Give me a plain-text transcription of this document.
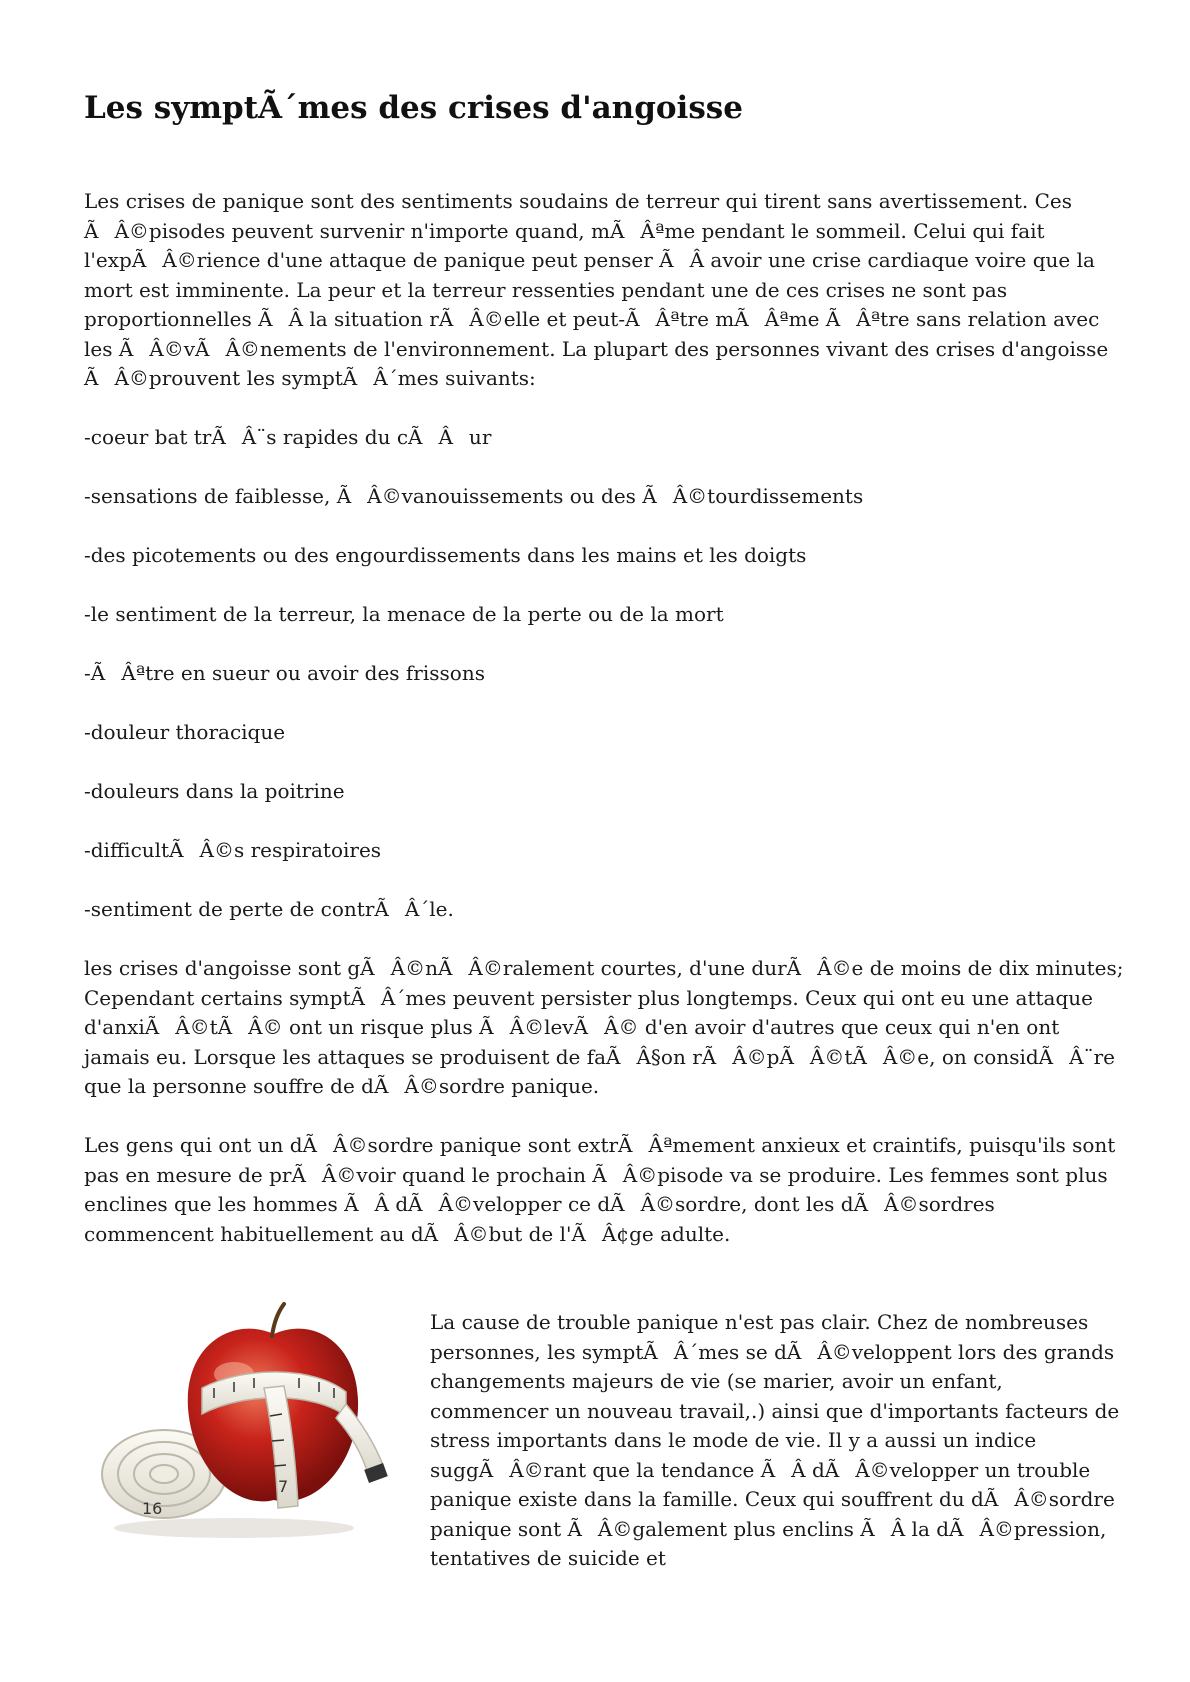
Les symptÃ´mes des crises d'angoisse

Les crises de panique sont des sentiments soudains de terreur qui tirent sans avertissement. Ces ÃÂ©pisodes peuvent survenir n'importe quand, mÃÂªme pendant le sommeil. Celui qui fait l'expÃÂ©rience d'une attaque de panique peut penser ÃÂ avoir une crise cardiaque voire que la mort est imminente. La peur et la terreur ressenties pendant une de ces crises ne sont pas proportionnelles ÃÂ la situation rÃÂ©elle et peut-ÃÂªtre mÃÂªme ÃÂªtre sans relation avec les ÃÂ©vÃÂ©nements de l'environnement. La plupart des personnes vivant des crises d'angoisse ÃÂ©prouvent les symptÃÂ´mes suivants:

-coeur bat trÃÂ¨s rapides du cÃÂur
-sensations de faiblesse, ÃÂ©vanouissements ou des ÃÂ©tourdissements
-des picotements ou des engourdissements dans les mains et les doigts
-le sentiment de la terreur, la menace de la perte ou de la mort
-ÃÂªtre en sueur ou avoir des frissons
-douleur thoracique
-douleurs dans la poitrine
-difficultÃÂ©s respiratoires
-sentiment de perte de contrÃÂ´le.

les crises d'angoisse sont gÃÂ©nÃÂ©ralement courtes, d'une durÃÂ©e de moins de dix minutes; Cependant certains symptÃÂ´mes peuvent persister plus longtemps. Ceux qui ont eu une attaque d'anxiÃÂ©tÃÂ© ont un risque plus ÃÂ©levÃÂ© d'en avoir d'autres que ceux qui n'en ont jamais eu. Lorsque les attaques se produisent de faÃÂ§on rÃÂ©pÃÂ©tÃÂ©e, on considÃÂ¨re que la personne souffre de dÃÂ©sordre panique.

Les gens qui ont un dÃÂ©sordre panique sont extrÃÂªmement anxieux et craintifs, puisqu'ils sont pas en mesure de prÃÂ©voir quand le prochain ÃÂ©pisode va se produire. Les femmes sont plus enclines que les hommes ÃÂ dÃÂ©velopper ce dÃÂ©sordre, dont les dÃÂ©sordres commencent habituellement au dÃÂ©but de l'ÃÂ¢ge adulte.

16
7

La cause de trouble panique n'est pas clair. Chez de nombreuses personnes, les symptÃÂ´mes se dÃÂ©veloppent lors des grands changements majeurs de vie (se marier, avoir un enfant, commencer un nouveau travail,.) ainsi que d'importants facteurs de stress importants dans le mode de vie. Il y a aussi un indice suggÃÂ©rant que la tendance ÃÂ dÃÂ©velopper un trouble panique existe dans la famille. Ceux qui souffrent du dÃÂ©sordre panique sont ÃÂ©galement plus enclins ÃÂ la dÃÂ©pression, tentatives de suicide et
